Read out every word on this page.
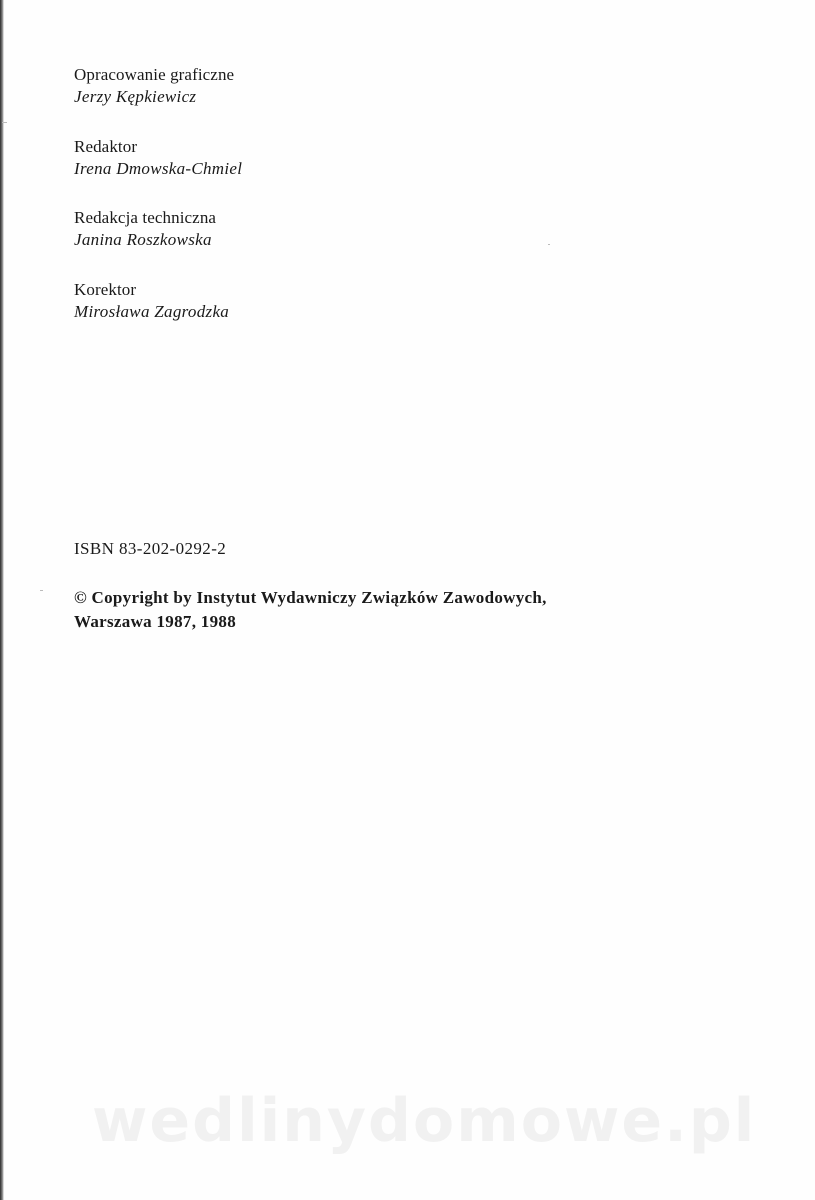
Opracowanie graficzne
Jerzy Kępkiewicz
Redaktor
Irena Dmowska-Chmiel
Redakcja techniczna
Janina Roszkowska
Korektor
Mirosława Zagrodzka
ISBN 83-202-0292-2
© Copyright by Instytut Wydawniczy Związków Zawodowych,
Warszawa 1987, 1988
wedlinydomowe.pl
